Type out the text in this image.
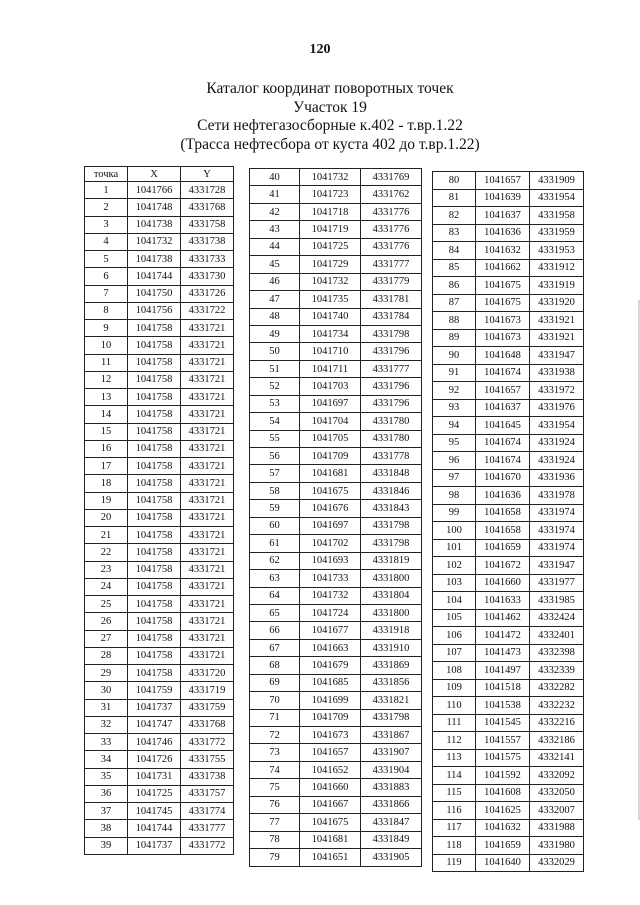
120
Каталог координат поворотных точек
Участок 19
Сети нефтегазосборные к.402 - т.вр.1.22
(Трасса нефтесбора от куста 402 до т.вр.1.22)
точка	X	Y
1	1041766	4331728
2	1041748	4331768
3	1041738	4331758
4	1041732	4331738
5	1041738	4331733
6	1041744	4331730
7	1041750	4331726
8	1041756	4331722
9	1041758	4331721
10	1041758	4331721
11	1041758	4331721
12	1041758	4331721
13	1041758	4331721
14	1041758	4331721
15	1041758	4331721
16	1041758	4331721
17	1041758	4331721
18	1041758	4331721
19	1041758	4331721
20	1041758	4331721
21	1041758	4331721
22	1041758	4331721
23	1041758	4331721
24	1041758	4331721
25	1041758	4331721
26	1041758	4331721
27	1041758	4331721
28	1041758	4331721
29	1041758	4331720
30	1041759	4331719
31	1041737	4331759
32	1041747	4331768
33	1041746	4331772
34	1041726	4331755
35	1041731	4331738
36	1041725	4331757
37	1041745	4331774
38	1041744	4331777
39	1041737	4331772
40	1041732	4331769
41	1041723	4331762
42	1041718	4331776
43	1041719	4331776
44	1041725	4331776
45	1041729	4331777
46	1041732	4331779
47	1041735	4331781
48	1041740	4331784
49	1041734	4331798
50	1041710	4331796
51	1041711	4331777
52	1041703	4331796
53	1041697	4331796
54	1041704	4331780
55	1041705	4331780
56	1041709	4331778
57	1041681	4331848
58	1041675	4331846
59	1041676	4331843
60	1041697	4331798
61	1041702	4331798
62	1041693	4331819
63	1041733	4331800
64	1041732	4331804
65	1041724	4331800
66	1041677	4331918
67	1041663	4331910
68	1041679	4331869
69	1041685	4331856
70	1041699	4331821
71	1041709	4331798
72	1041673	4331867
73	1041657	4331907
74	1041652	4331904
75	1041660	4331883
76	1041667	4331866
77	1041675	4331847
78	1041681	4331849
79	1041651	4331905
80	1041657	4331909
81	1041639	4331954
82	1041637	4331958
83	1041636	4331959
84	1041632	4331953
85	1041662	4331912
86	1041675	4331919
87	1041675	4331920
88	1041673	4331921
89	1041673	4331921
90	1041648	4331947
91	1041674	4331938
92	1041657	4331972
93	1041637	4331976
94	1041645	4331954
95	1041674	4331924
96	1041674	4331924
97	1041670	4331936
98	1041636	4331978
99	1041658	4331974
100	1041658	4331974
101	1041659	4331974
102	1041672	4331947
103	1041660	4331977
104	1041633	4331985
105	1041462	4332424
106	1041472	4332401
107	1041473	4332398
108	1041497	4332339
109	1041518	4332282
110	1041538	4332232
111	1041545	4332216
112	1041557	4332186
113	1041575	4332141
114	1041592	4332092
115	1041608	4332050
116	1041625	4332007
117	1041632	4331988
118	1041659	4331980
119	1041640	4332029
